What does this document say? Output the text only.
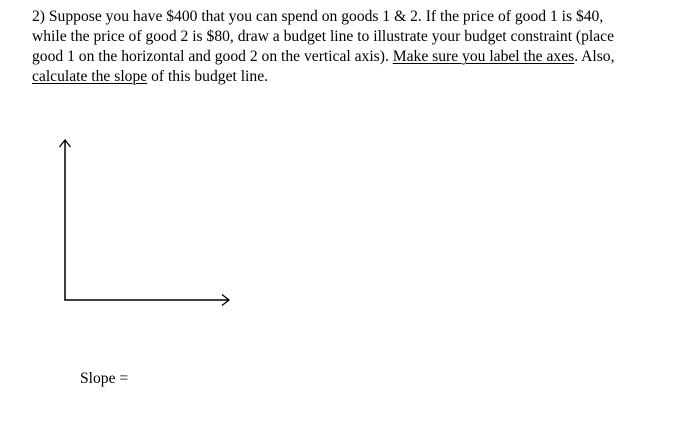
2) Suppose you have $400 that you can spend on goods 1 & 2. If the price of good 1 is $40,
while the price of good 2 is $80, draw a budget line to illustrate your budget constraint (place
good 1 on the horizontal and good 2 on the vertical axis). Make sure you label the axes. Also,
calculate the slope of this budget line.

Slope =
